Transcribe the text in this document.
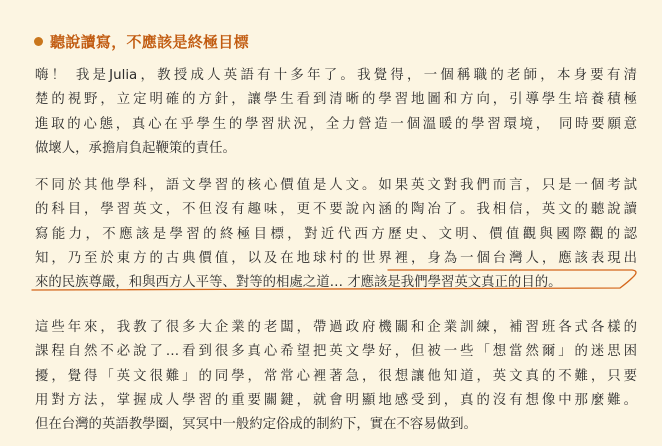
聽說讀寫，不應該是終極目標
嗨！ 我是Julia，教授成人英語有十多年了。我覺得，一個稱職的老師，本身要有清
楚的視野，立定明確的方針，讓學生看到清晰的學習地圖和方向，引導學生培養積極
進取的心態，真心在乎學生的學習狀況，全力營造一個溫暖的學習環境， 同時要願意
做壞人，承擔肩負起鞭策的責任。
不同於其他學科，語文學習的核心價值是人文。如果英文對我們而言，只是一個考試
的科目，學習英文，不但沒有趣味，更不要說內涵的陶冶了。我相信，英文的聽說讀
寫能力，不應該是學習的終極目標，對近代西方歷史、文明、價值觀與國際觀的認
知，乃至於東方的古典價值，以及在地球村的世界裡，身為一個台灣人，應該表現出
來的民族尊嚴，和與西方人平等、對等的相處之道… 才應該是我們學習英文真正的目的。
這些年來，我教了很多大企業的老闆，帶過政府機關和企業訓練，補習班各式各樣的
課程自然不必說了…看到很多真心希望把英文學好，但被一些「想當然爾」的迷思困
擾，覺得「英文很難」的同學，常常心裡著急，很想讓他知道，英文真的不難，只要
用對方法，掌握成人學習的重要關鍵，就會明顯地感受到，真的沒有想像中那麼難。
但在台灣的英語教學圈，冥冥中一般約定俗成的制約下，實在不容易做到。
